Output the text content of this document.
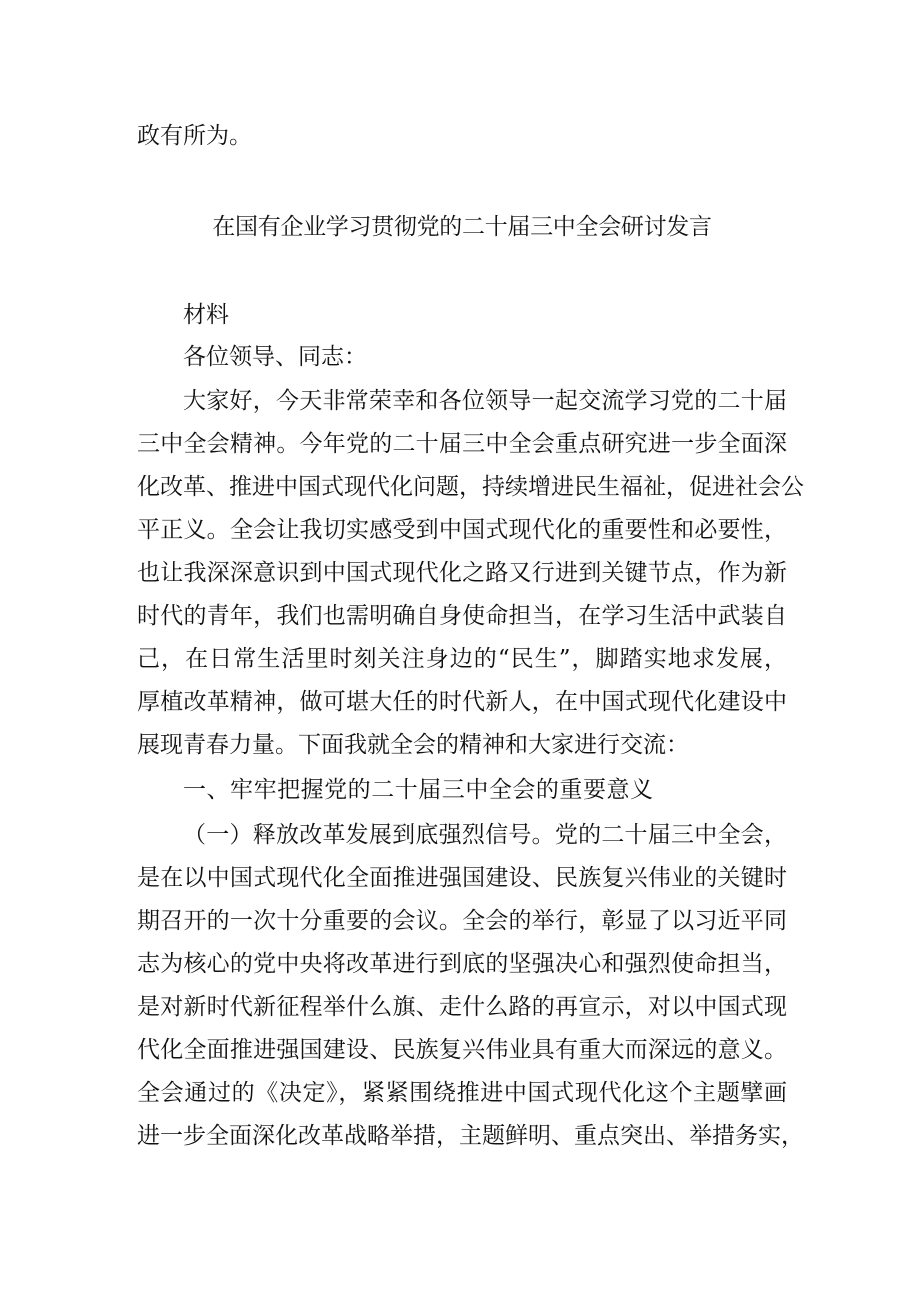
政有所为。
在国有企业学习贯彻党的二十届三中全会研讨发言
材料
各位领导、同志：
大家好，今天非常荣幸和各位领导一起交流学习党的二十届
三中全会精神。今年党的二十届三中全会重点研究进一步全面深
化改革、推进中国式现代化问题，持续增进民生福祉，促进社会公
平正义。全会让我切实感受到中国式现代化的重要性和必要性，
也让我深深意识到中国式现代化之路又行进到关键节点，作为新
时代的青年，我们也需明确自身使命担当，在学习生活中武装自
己，在日常生活里时刻关注身边的“民生”，脚踏实地求发展，
厚植改革精神，做可堪大任的时代新人，在中国式现代化建设中
展现青春力量。下面我就全会的精神和大家进行交流：
一、牢牢把握党的二十届三中全会的重要意义
（一）释放改革发展到底强烈信号。党的二十届三中全会，
是在以中国式现代化全面推进强国建设、民族复兴伟业的关键时
期召开的一次十分重要的会议。全会的举行，彰显了以习近平同
志为核心的党中央将改革进行到底的坚强决心和强烈使命担当，
是对新时代新征程举什么旗、走什么路的再宣示，对以中国式现
代化全面推进强国建设、民族复兴伟业具有重大而深远的意义。
全会通过的《决定》，紧紧围绕推进中国式现代化这个主题擘画
进一步全面深化改革战略举措，主题鲜明、重点突出、举措务实，
